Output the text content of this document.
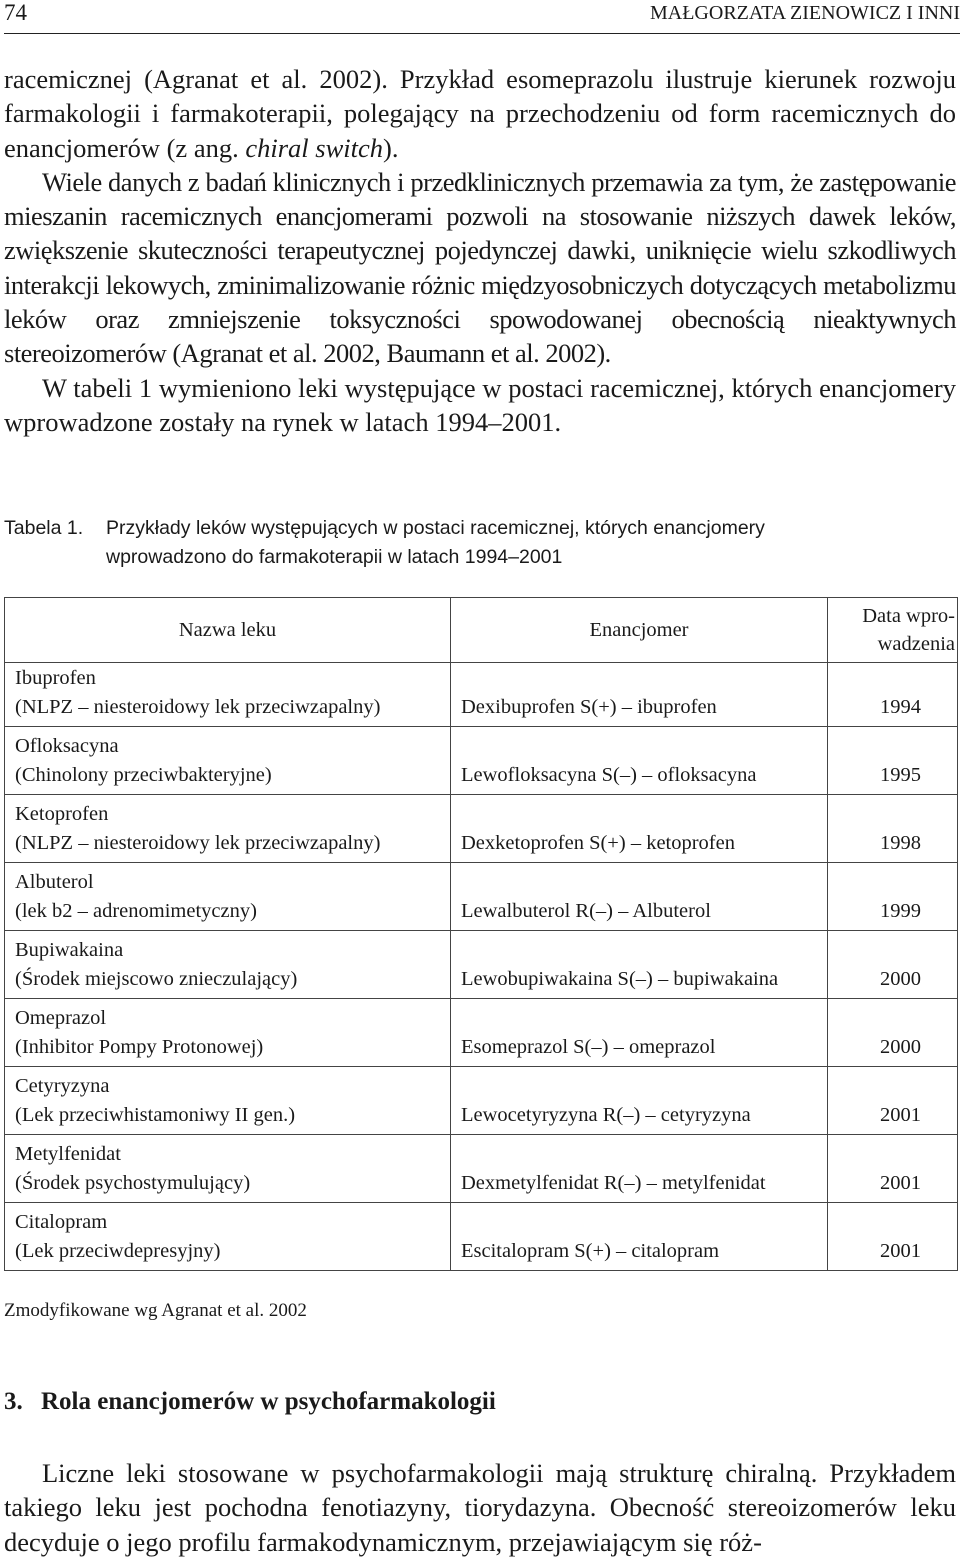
74	MAŁGORZATA ZIENOWICZ I INNI

racemicznej (Agranat et al. 2002). Przykład esomeprazolu ilustruje kierunek rozwoju farmakologii i farmakoterapii, polegający na przechodzeniu od form racemicznych do enancjomerów (z ang. chiral switch).

Wiele danych z badań klinicznych i przedklinicznych przemawia za tym, że zastępowanie mieszanin racemicznych enancjomerami pozwoli na stosowanie niższych dawek leków, zwiększenie skuteczności terapeutycznej pojedynczej dawki, uniknięcie wielu szkodliwych interakcji lekowych, zminimalizowanie różnic międzyosobniczych dotyczących metabolizmu leków oraz zmniejszenie toksyczności spowodowanej obecnością nieaktywnych stereoizomerów (Agranat et al. 2002, Baumann et al. 2002).

W tabeli 1 wymieniono leki występujące w postaci racemicznej, których enancjomery wprowadzone zostały na rynek w latach 1994–2001.

Tabela 1. Przykłady leków występujących w postaci racemicznej, których enancjomery
wprowadzono do farmakoterapii w latach 1994–2001
Nazwa leku	Enancjomer	Data wpro-
wadzenia
Ibuprofen
(NLPZ – niesteroidowy lek przeciwzapalny)	Dexibuprofen S(+) – ibuprofen	1994
Ofloksacyna
(Chinolony przeciwbakteryjne)	Lewofloksacyna S(–) – ofloksacyna	1995
Ketoprofen
(NLPZ – niesteroidowy lek przeciwzapalny)	Dexketoprofen S(+) – ketoprofen	1998
Albuterol
(lek b2 – adrenomimetyczny)	Lewalbuterol R(–) – Albuterol	1999
Bupiwakaina
(Środek miejscowo znieczulający)	Lewobupiwakaina S(–) – bupiwakaina	2000
Omeprazol
(Inhibitor Pompy Protonowej)	Esomeprazol S(–) – omeprazol	2000
Cetyryzyna
(Lek przeciwhistamoniwy II gen.)	Lewocetyryzyna R(–) – cetyryzyna	2001
Metylfenidat
(Środek psychostymulujący)	Dexmetylfenidat R(–) – metylfenidat	2001
Citalopram
(Lek przeciwdepresyjny)	Escitalopram S(+) – citalopram	2001
Zmodyfikowane wg Agranat et al. 2002
3. Rola enancjomerów w psychofarmakologii

Liczne leki stosowane w psychofarmakologii mają strukturę chiralną. Przykładem takiego leku jest pochodna fenotiazyny, tiorydazyna. Obecność stereoizomerów leku decyduje o jego profilu farmakodynamicznym, przejawiającym się róż-
